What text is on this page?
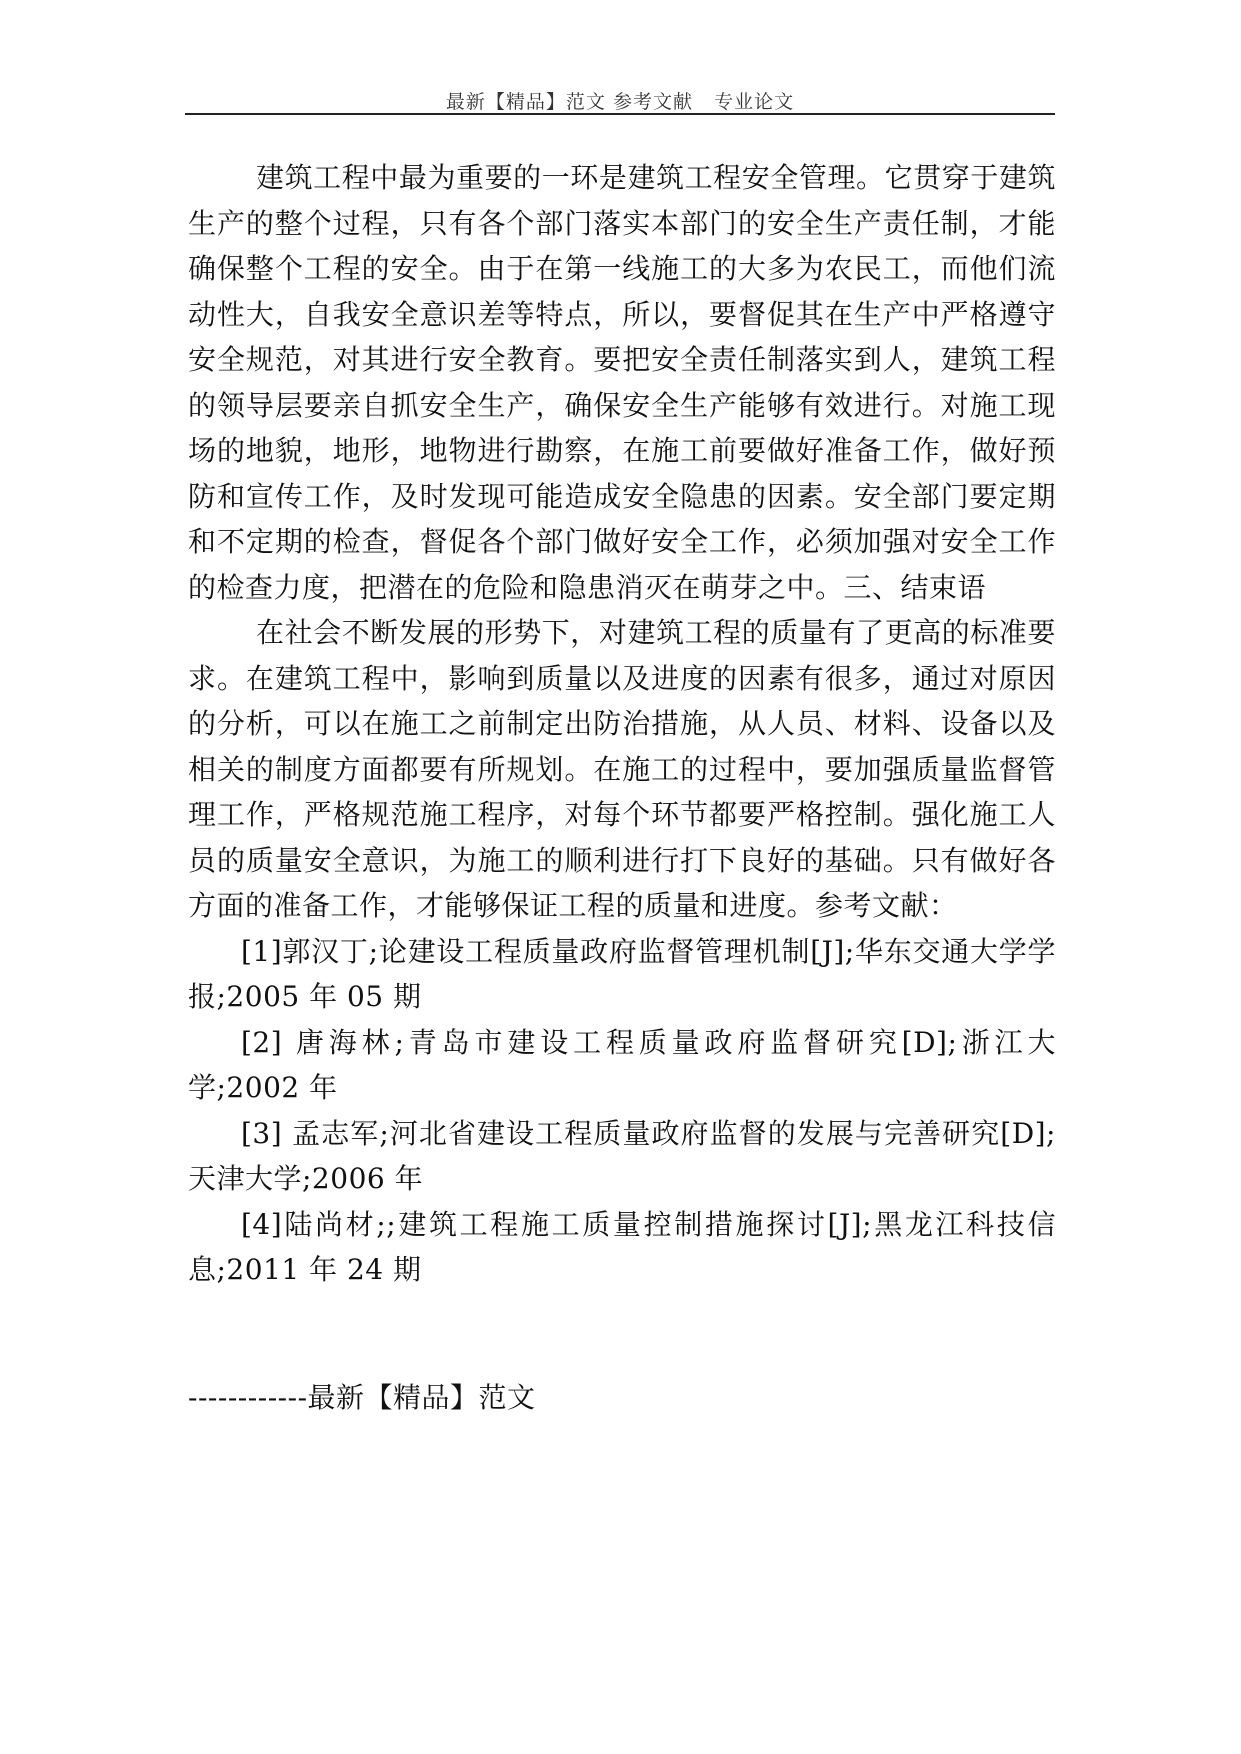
最新【精品】范文 参考文献   专业论文

建筑工程中最为重要的一环是建筑工程安全管理。它贯穿于建筑生产的整个过程，只有各个部门落实本部门的安全生产责任制，才能确保整个工程的安全。由于在第一线施工的大多为农民工，而他们流动性大，自我安全意识差等特点，所以，要督促其在生产中严格遵守安全规范，对其进行安全教育。要把安全责任制落实到人，建筑工程的领导层要亲自抓安全生产，确保安全生产能够有效进行。对施工现场的地貌，地形，地物进行勘察，在施工前要做好准备工作，做好预防和宣传工作，及时发现可能造成安全隐患的因素。安全部门要定期和不定期的检查，督促各个部门做好安全工作，必须加强对安全工作的检查力度，把潜在的危险和隐患消灭在萌芽之中。三、结束语

在社会不断发展的形势下，对建筑工程的质量有了更高的标准要求。在建筑工程中，影响到质量以及进度的因素有很多，通过对原因的分析，可以在施工之前制定出防治措施，从人员、材料、设备以及相关的制度方面都要有所规划。在施工的过程中，要加强质量监督管理工作，严格规范施工程序，对每个环节都要严格控制。强化施工人员的质量安全意识，为施工的顺利进行打下良好的基础。只有做好各方面的准备工作，才能够保证工程的质量和进度。参考文献：

[1]郭汉丁;论建设工程质量政府监督管理机制[J];华东交通大学学报;2005 年 05 期

[2] 唐海林;青岛市建设工程质量政府监督研究[D];浙江大学;2002 年

[3] 孟志军;河北省建设工程质量政府监督的发展与完善研究[D];天津大学;2006 年

[4]陆尚材;;建筑工程施工质量控制措施探讨[J];黑龙江科技信息;2011 年 24 期

------------最新【精品】范文
